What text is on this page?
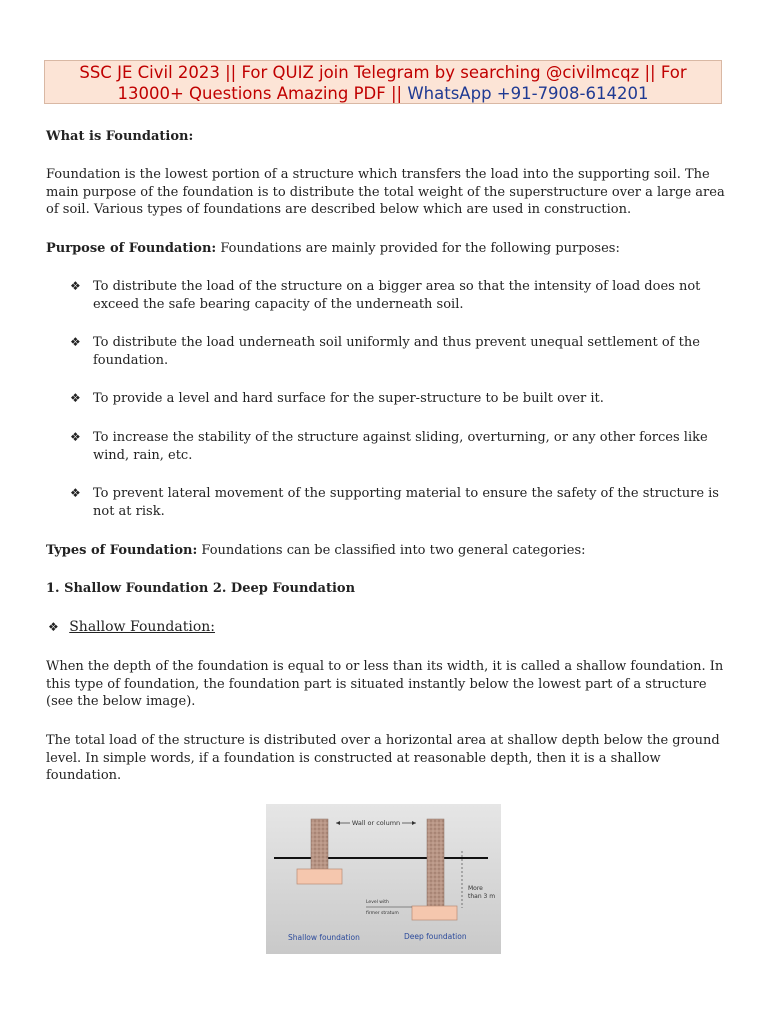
SSC JE Civil 2023 || For QUIZ join Telegram by searching @civilmcqz || For
13000+ Questions Amazing PDF || WhatsApp +91-7908-614201

What is Foundation:

Foundation is the lowest portion of a structure which transfers the load into the supporting soil. The main purpose of the foundation is to distribute the total weight of the superstructure over a large area of soil. Various types of foundations are described below which are used in construction.

Purpose of Foundation: Foundations are mainly provided for the following purposes:

❖ To distribute the load of the structure on a bigger area so that the intensity of load does not exceed the safe bearing capacity of the underneath soil.
❖ To distribute the load underneath soil uniformly and thus prevent unequal settlement of the foundation.
❖ To provide a level and hard surface for the super-structure to be built over it.
❖ To increase the stability of the structure against sliding, overturning, or any other forces like wind, rain, etc.
❖ To prevent lateral movement of the supporting material to ensure the safety of the structure is not at risk.

Types of Foundation: Foundations can be classified into two general categories:

1. Shallow Foundation 2. Deep Foundation

❖ Shallow Foundation:

When the depth of the foundation is equal to or less than its width, it is called a shallow foundation. In this type of foundation, the foundation part is situated instantly below the lowest part of a structure (see the below image).

The total load of the structure is distributed over a horizontal area at shallow depth below the ground level. In simple words, if a foundation is constructed at reasonable depth, then it is a shallow foundation.

Wall or column
More
than 3 m
Level with
firmer stratum
Shallow foundation	Deep foundation
